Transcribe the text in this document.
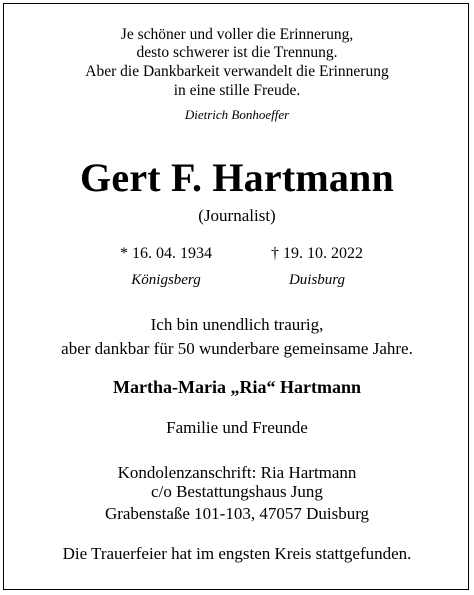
Je schöner und voller die Erinnerung,
desto schwerer ist die Trennung.
Aber die Dankbarkeit verwandelt die Erinnerung
in eine stille Freude.
Dietrich Bonhoeffer
Gert F. Hartmann
(Journalist)
* 16. 04. 1934	† 19. 10. 2022
Königsberg	Duisburg
Ich bin unendlich traurig,
aber dankbar für 50 wunderbare gemeinsame Jahre.
Martha-Maria „Ria“ Hartmann
Familie und Freunde
Kondolenzanschrift: Ria Hartmann
c/o Bestattungshaus Jung
Grabenstaße 101-103, 47057 Duisburg
Die Trauerfeier hat im engsten Kreis stattgefunden.
